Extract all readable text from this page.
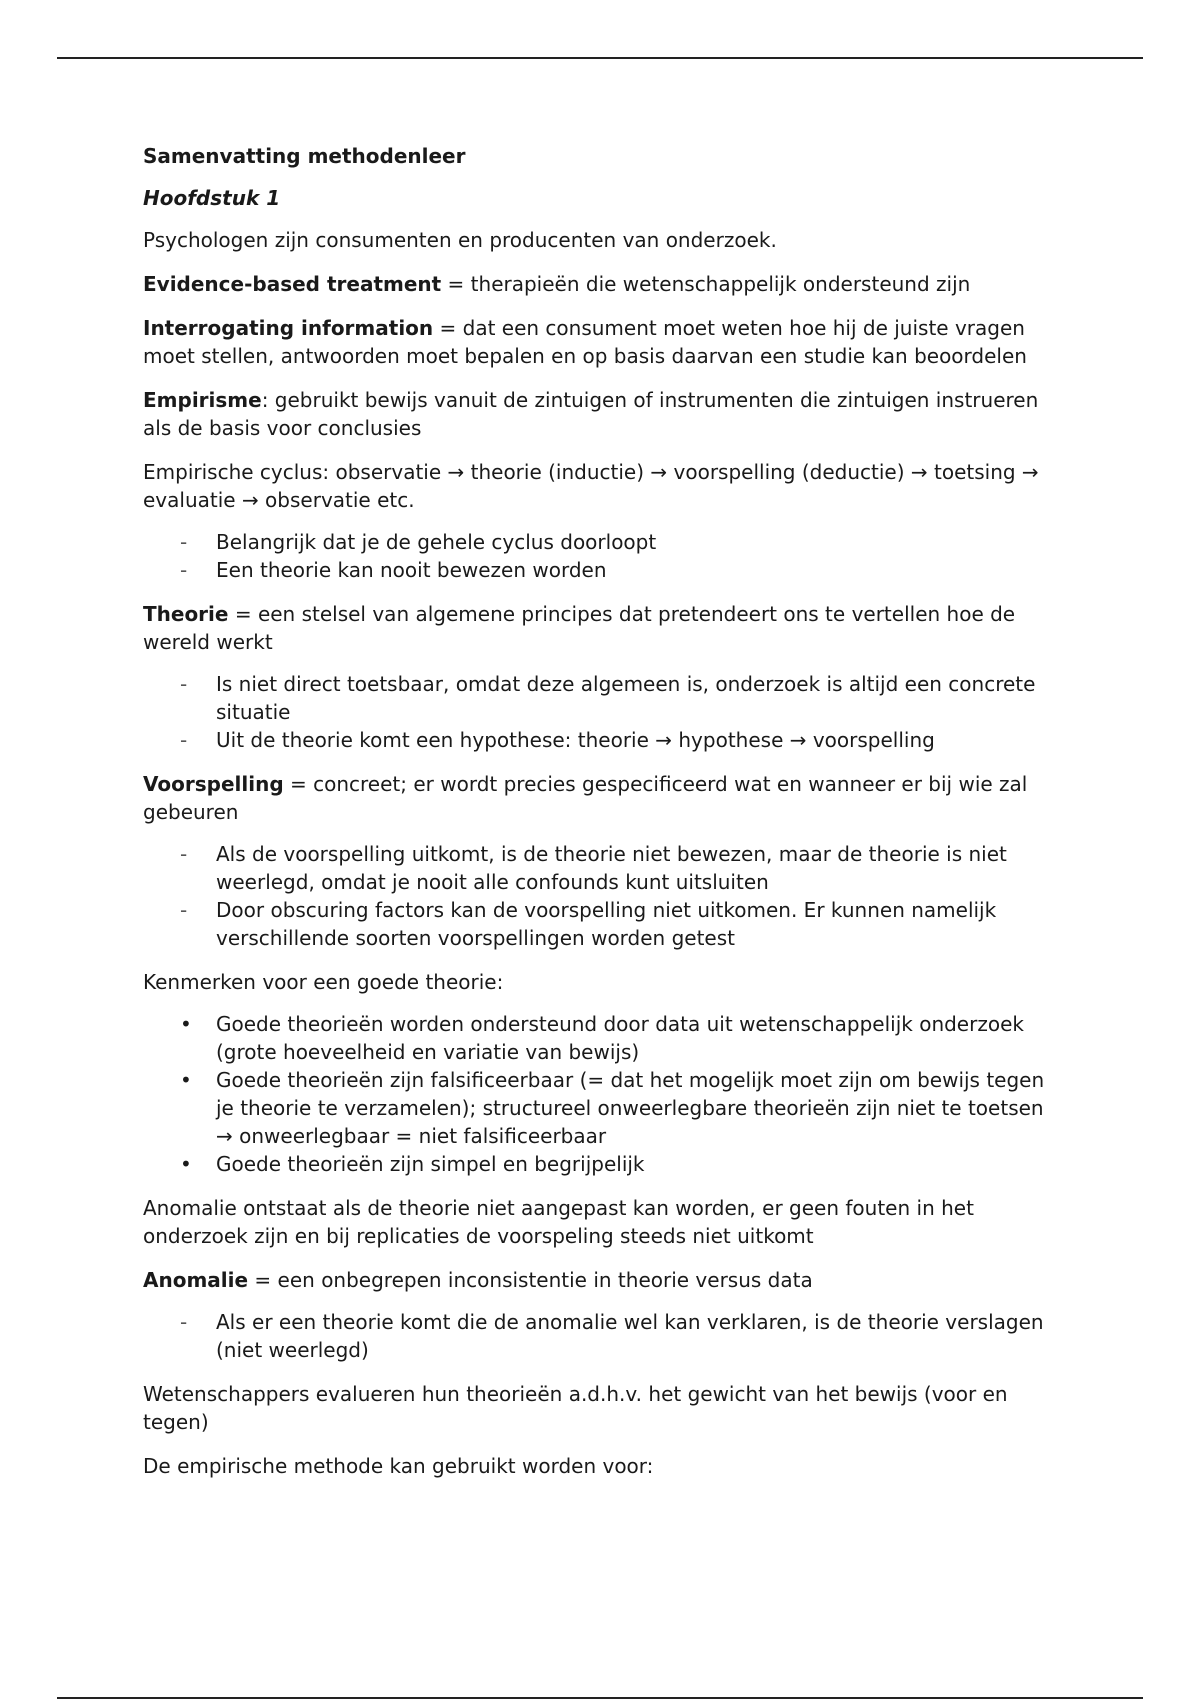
Samenvatting methodenleer

Hoofdstuk 1

Psychologen zijn consumenten en producenten van onderzoek.

Evidence-based treatment = therapieën die wetenschappelijk ondersteund zijn

Interrogating information = dat een consument moet weten hoe hij de juiste vragen moet stellen, antwoorden moet bepalen en op basis daarvan een studie kan beoordelen

Empirisme: gebruikt bewijs vanuit de zintuigen of instrumenten die zintuigen instrueren als de basis voor conclusies

Empirische cyclus: observatie → theorie (inductie) → voorspelling (deductie) → toetsing → evaluatie → observatie etc.

- Belangrijk dat je de gehele cyclus doorloopt
- Een theorie kan nooit bewezen worden

Theorie = een stelsel van algemene principes dat pretendeert ons te vertellen hoe de wereld werkt

- Is niet direct toetsbaar, omdat deze algemeen is, onderzoek is altijd een concrete situatie
- Uit de theorie komt een hypothese: theorie → hypothese → voorspelling

Voorspelling = concreet; er wordt precies gespecificeerd wat en wanneer er bij wie zal gebeuren

- Als de voorspelling uitkomt, is de theorie niet bewezen, maar de theorie is niet weerlegd, omdat je nooit alle confounds kunt uitsluiten
- Door obscuring factors kan de voorspelling niet uitkomen. Er kunnen namelijk verschillende soorten voorspellingen worden getest

Kenmerken voor een goede theorie:

• Goede theorieën worden ondersteund door data uit wetenschappelijk onderzoek (grote hoeveelheid en variatie van bewijs)
• Goede theorieën zijn falsificeerbaar (= dat het mogelijk moet zijn om bewijs tegen je theorie te verzamelen); structureel onweerlegbare theorieën zijn niet te toetsen → onweerlegbaar = niet falsificeerbaar
• Goede theorieën zijn simpel en begrijpelijk

Anomalie ontstaat als de theorie niet aangepast kan worden, er geen fouten in het onderzoek zijn en bij replicaties de voorspeling steeds niet uitkomt

Anomalie = een onbegrepen inconsistentie in theorie versus data

- Als er een theorie komt die de anomalie wel kan verklaren, is de theorie verslagen (niet weerlegd)

Wetenschappers evalueren hun theorieën a.d.h.v. het gewicht van het bewijs (voor en tegen)

De empirische methode kan gebruikt worden voor:
